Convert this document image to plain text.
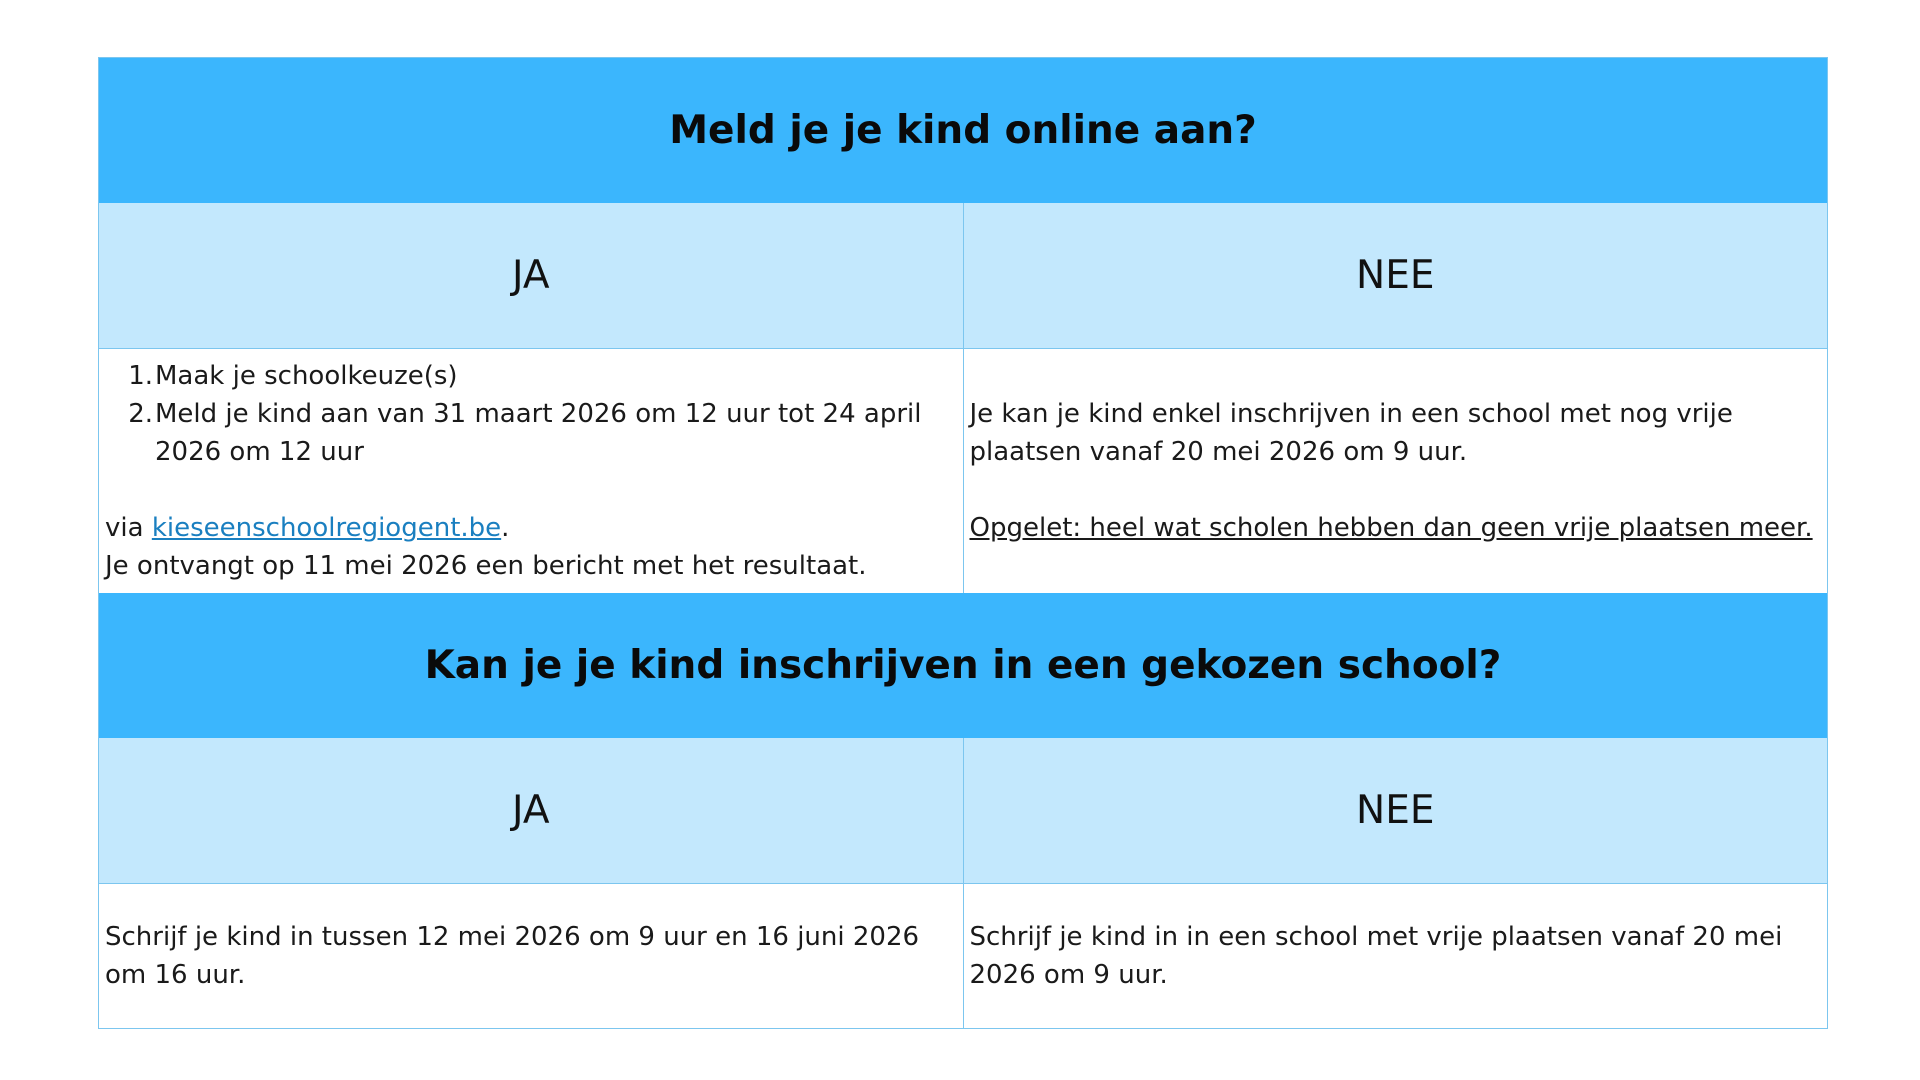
Meld je je kind online aan?
JA	NEE
1. Maak je schoolkeuze(s)
2. Meld je kind aan van 31 maart 2026 om 12 uur tot 24 april 2026 om 12 uur
via kieseenschoolregiogent.be.
Je ontvangt op 11 mei 2026 een bericht met het resultaat.
Je kan je kind enkel inschrijven in een school met nog vrije plaatsen vanaf 20 mei 2026 om 9 uur.
Opgelet: heel wat scholen hebben dan geen vrije plaatsen meer.
Kan je je kind inschrijven in een gekozen school?
JA	NEE
Schrijf je kind in tussen 12 mei 2026 om 9 uur en 16 juni 2026 om 16 uur.
Schrijf je kind in in een school met vrije plaatsen vanaf 20 mei 2026 om 9 uur.
